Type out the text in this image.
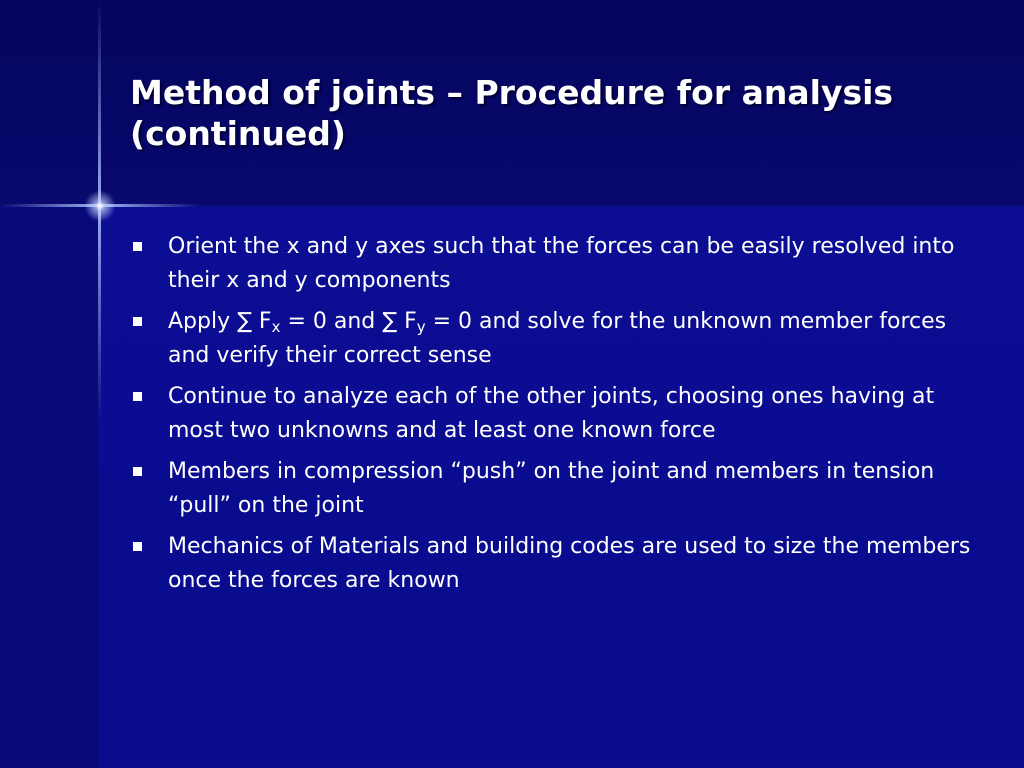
Method of joints – Procedure for analysis (continued)
Orient the x and y axes such that the forces can be easily resolved into their x and y components
Apply ∑ $F_x = 0$ and ∑ $F_y = 0$ and solve for the unknown member forces and verify their correct sense
Continue to analyze each of the other joints, choosing ones having at most two unknowns and at least one known force
Members in compression “push” on the joint and members in tension “pull” on the joint
Mechanics of Materials and building codes are used to size the members once the forces are known
